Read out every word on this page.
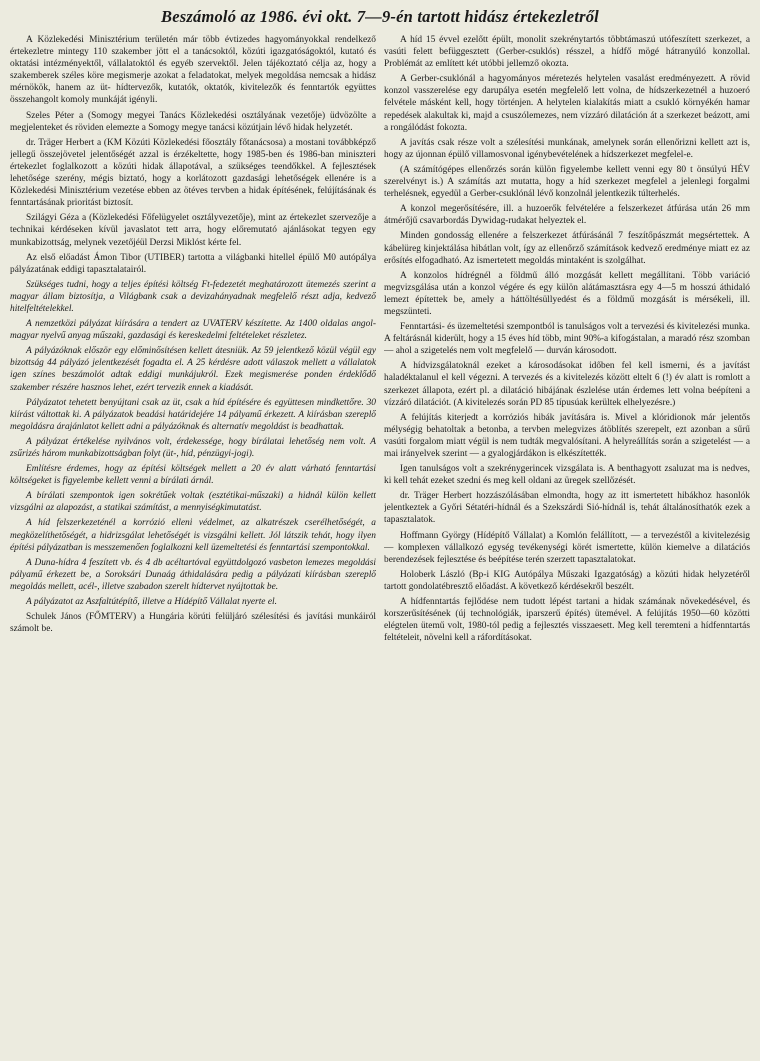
Beszámoló az 1986. évi okt. 7—9-én tartott hidász értekezletről

A Közlekedési Minisztérium területén már több évtizedes hagyományokkal rendelkező értekezletre mintegy 110 szakember jött el a tanácsoktól, közúti igazgatóságoktól, kutató és oktatási intézményektől, vállalatoktól és egyéb szervektől. Jelen tájékoztató célja az, hogy a szakemberek széles köre megismerje azokat a feladatokat, melyek megoldása nemcsak a hidász mérnökök, hanem az üt- hídtervezők, kutatók, oktatók, kivitelezők és fenntartók együttes összehangolt komoly munkáját igényli.

Szeles Péter a (Somogy megyei Tanács Közlekedési osztályának vezetője) üdvözölte a megjelenteket és röviden elemezte a Somogy megye tanácsi közútjain lévő hidak helyzetét.

dr. Träger Herbert a (KM Közúti Közlekedési főosztály főtanácsosa) a mostani továbbképző jellegű összejövetel jelentőségét azzal is érzékeltette, hogy 1985-ben és 1986-ban miniszteri értekezlet foglalkozott a közúti hidak állapotával, a szükséges teendőkkel. A fejlesztések lehetősége szerény, mégis biztató, hogy a korlátozott gazdasági lehetőségek ellenére is a Közlekedési Minisztérium vezetése ebben az ötéves tervben a hidak építésének, felújításának és fenntartásának prioritást biztosít.

Szilágyi Géza a (Közlekedési Főfelügyelet osztályvezetője), mint az értekezlet szervezője a technikai kérdéseken kívül javaslatot tett arra, hogy előremutató ajánlásokat tegyen egy munkabizottság, melynek vezetőjéül Derzsi Miklóst kérte fel.

Az első előadást Ámon Tibor (UTIBER) tartotta a világbanki hitellel épülő M0 autópálya pályázatának eddigi tapasztalatairól.

Szükséges tudni, hogy a teljes építési költség Ft-fedezetét meghatározott ütemezés szerint a magyar állam biztosítja, a Világbank csak a devizahányadnak megfelelő részt adja, kedvező hitelfeltételekkel.

A nemzetközi pályázat kiírására a tendert az UVATERV készítette. Az 1400 oldalas angol-magyar nyelvű anyag műszaki, gazdasági és kereskedelmi feltételeket részletez.

A pályázóknak először egy előminősítésen kellett átesniük. Az 59 jelentkező közül végül egy bizottság 44 pályázó jelentkezését fogadta el. A 25 kérdésre adott válaszok mellett a vállalatok igen színes beszámolót adtak eddigi munkájukról. Ezek megismerése ponden érdeklődő szakember részére hasznos lehet, ezért tervezik ennek a kiadását.

Pályázatot tehetett benyújtani csak az üt, csak a híd építésére és együttesen mindkettőre. 30 kiírást váltottak ki. A pályázatok beadási határidejére 14 pályamű érkezett. A kiírásban szereplő megoldásra árajánlatot kellett adni a pályázóknak és alternatív megoldást is beadhattak.

A pályázat értékelése nyilvános volt, érdekessége, hogy bírálatai lehetőség nem volt. A zsűrizés három munkabizottságban folyt (üt-, híd, pénzügyi-jogi).

Említésre érdemes, hogy az építési költségek mellett a 20 év alatt várható fenntartási költségeket is figyelembe kellett venni a bírálati árnál.

A bírálati szempontok igen sokrétűek voltak (esztétikai-műszaki) a hidnál külön kellett vizsgálni az alapozást, a statikai számítást, a mennyiségkimutatást.

A híd felszerkezeténél a korrózió elleni védelmet, az alkatrészek cserélhetőségét, a megközelíthetőségét, a hidrizsgálat lehetőségét is vizsgálni kellett. Jól látszik tehát, hogy ilyen építési pályázatban is messzemenően foglalkozni kell üzemeltetési és fenntartási szempontokkal.

A Duna-hídra 4 feszített vb. és 4 db acéltartóval együttdolgozó vasbeton lemezes megoldási pályamű érkezett be, a Soroksári Dunaág áthidalására pedig a pályázati kiírásban szereplő megoldás mellett, acél-, illetve szabadon szerelt hídtervet nyújtottak be.

A pályázatot az Aszfaltútépítő, illetve a Hídépítő Vállalat nyerte el.

Schulek János (FŐMTERV) a Hungária körúti felüljáró szélesítési és javítási munkáiról számolt be.

A híd 15 évvel ezelőtt épült, monolit szekrénytartós többtámaszú utófeszített szerkezet, a vasúti felett befüggesztett (Gerber-csuklós) résszel, a hídfő mögé hátranyúló konzollal. Problémát az említett két utóbbi jellemző okozta.

A Gerber-csuklónál a hagyományos méretezés helytelen vasalást eredményezett. A rövid konzol vasszerelése egy darupálya esetén megfelelő lett volna, de hídszerkezetnél a huzoeró felvétele másként kell, hogy történjen. A helytelen kialakítás miatt a csukló környékén hamar repedések alakultak ki, majd a csuszólemezes, nem vízzáró dilatáción át a szerkezet beázott, ami a rongálódást fokozta.

A javítás csak része volt a szélesítési munkának, amelynek során ellenőrizni kellett azt is, hogy az újonnan épülő villamosvonal igénybevételének a hídszerkezet megfelel-e.

(A számítógépes ellenőrzés során külön figyelembe kellett venni egy 80 t önsúlyú HÉV szerelvényt is.) A számítás azt mutatta, hogy a híd szerkezet megfelel a jelenlegi forgalmi terhelésnek, egyedül a Gerber-csuklónál lévő konzolnál jelentkezik túlterhelés.

A konzol megerősítésére, ill. a huzoerők felvételére a felszerkezet átfúrása után 26 mm átmérőjű csavarbordás Dywidag-rudakat helyeztek el.

Minden gondosság ellenére a felszerkezet átfúrásánál 7 feszítőpászmát megsértettek. A kábelüreg kinjektálása hibátlan volt, így az ellenőrző számítások kedvező eredménye miatt ez az erősítés elfogadható. Az ismertetett megoldás mintaként is szolgálhat.

A konzolos hídrégnél a földmű álló mozgását kellett megállítani. Több variáció megvizsgálása után a konzol végére és egy külön alátámasztásra egy 4—5 m hosszú áthidaló lemezt építettek be, amely a háttöltésüllyedést és a földmű mozgását is mérsékeli, ill. megszünteti.

Fenntartási- és üzemeltetési szempontból is tanulságos volt a tervezési és kivitelezési munka. A feltárásnál kiderült, hogy a 15 éves híd több, mint 90%-a kifogástalan, a maradó rész szomban — ahol a szigetelés nem volt megfelelő — durván károsodott.

A hídvizsgálatoknál ezeket a károsodásokat időben fel kell ismerni, és a javítást haladéktalanul el kell végezni. A tervezés és a kivitelezés között eltelt 6 (!) év alatt is romlott a szerkezet állapota, ezért pl. a dilatáció hibájának észlelése után érdemes lett volna beépíteni a vízzáró dilatációt. (A kivitelezés során PD 85 típusúak kerültek elhelyezésre.)

A felújítás kiterjedt a korróziós hibák javítására is. Mivel a klóridionok már jelentős mélységig behatoltak a betonba, a tervben melegvizes átöblítés szerepelt, ezt azonban a sűrű vasúti forgalom miatt végül is nem tudták megvalósítani. A helyreállítás során a szigetelést — a mai irányelvek szerint — a gyalogjárdákon is elkészítették.

Igen tanulságos volt a szekrénygerincek vizsgálata is. A benthagyott zsaluzat ma is nedves, ki kell tehát ezeket szedni és meg kell oldani az üregek szellőzését.

dr. Träger Herbert hozzászólásában elmondta, hogy az itt ismertetett hibákhoz hasonlók jelentkeztek a Győri Sétatéri-hídnál és a Szekszárdi Sió-hídnál is, tehát általánosíthatók ezek a tapasztalatok.

Hoffmann György (Hídépítő Vállalat) a Komlón felállított, — a tervezéstől a kivitelezésig — komplexen vállalkozó egység tevékenységi körét ismertette, külön kiemelve a dilatációs berendezések fejlesztése és beépítése terén szerzett tapasztalatokat.

Holoberk László (Bp-i KIG Autópálya Műszaki Igazgatóság) a közúti hidak helyzetéről tartott gondolatébresztő előadást. A következő kérdésekről beszélt.

A hídfenntartás fejlődése nem tudott lépést tartani a hidak számának növekedésével, és korszerűsítésének (új technológiák, iparszerű építés) ütemével. A felújítás 1950—60 közötti elégtelen ütemű volt, 1980-tól pedig a fejlesztés visszaesett. Meg kell teremteni a hídfenntartás feltételeit, növelni kell a ráfordításokat.
